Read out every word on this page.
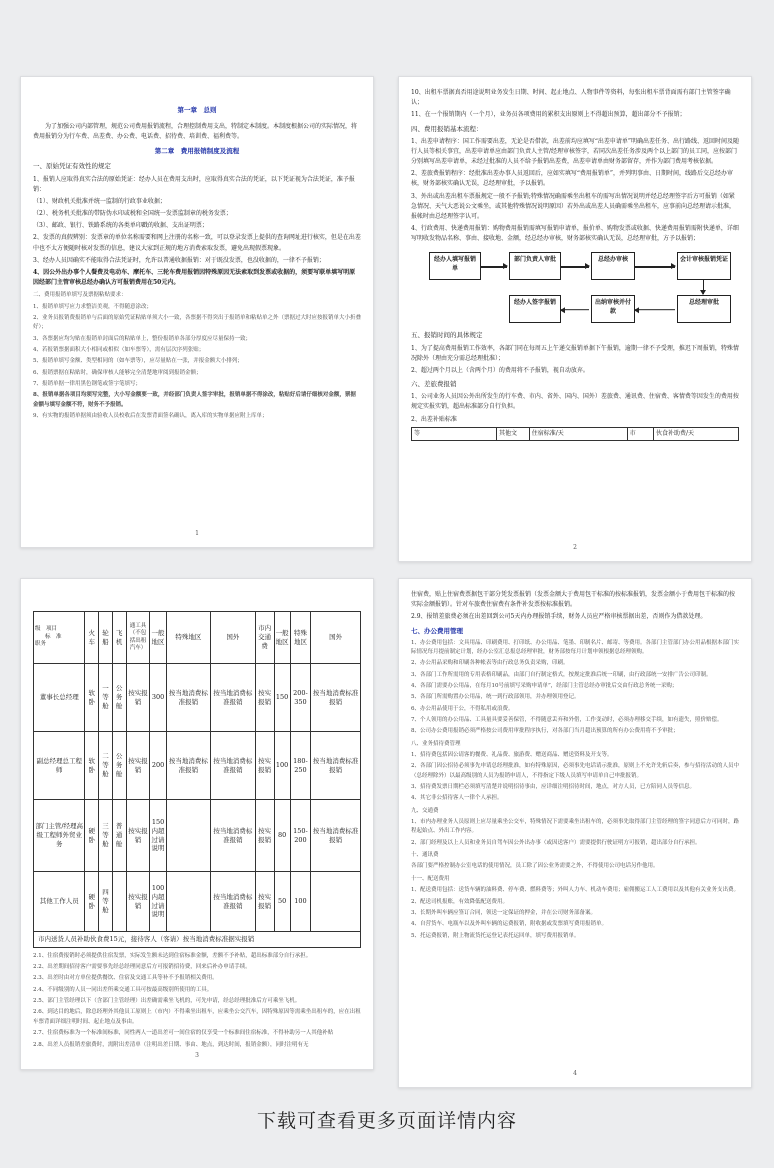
第一章　总则

为了加强公司内部管理，规范公司费用报销流程，合理控制费用支出，特制定本制度。本制度根据公司的实际情况，将费用报销分为行车费、出差费、办公费、电话费、招待费、培训费、福利费等。

第二章　费用报销制度及流程
一、原始凭证有效性的规定

1、报销人应取得真实合法的原始凭证：经办人员在费用支出时，应取得真实合法的凭证，以下凭证视为合法凭证，准予报销：

（1）、财政机关批准并统一监制的行政事业收据；

（2）、税务机关批准的带防伪水印或税和全国统一发票监制章的税务发票；

（3）、邮政、银行、铁路系统的各类单印戳的收据、支出证明票；

2、发票的真假辨别：发票章的单位名称需要和网上注册的名称一致，可以登录发票上提供的查询网址进行核实，但是在出差中也不太方便随时核对发票的信息，建议大家到正规的地方消费索取发票，避免出现假票现象。

3、经办人员因确实不能取得合法凭证时，允许以普通收据报销：对于既没发票，也没收据的，一律不予报销；

4、因公外出办事个人餐费及电动车、摩托车、三轮车费用报销因特殊原因无法索取到发票或收据的，须要写联单填写明原因经部门主管审核总经办确认方可报销费用在50元内。

二、费用报销单填写及票据粘贴要求：

1、报销单填写应力求整洁美观，不得随意涂改；

2、业务员报销费报销单与后面的原始凭证粘贴单须大小一致，各票据不得突出于报销单和粘贴单之外（票据过大时应按报销单大小折叠好）；

3、各票据应均匀贴在报销单封面后的粘贴单上，整份报销单各部分厚度应尽量保持一致；

4、若报销票据面积大小相同或相似（如车票等），需有层次序列张贴；

5、报销单填写金额、类型相同的（如车票等），应尽量贴在一张，并报金额大小排列；

6、报销票据在粘贴时，确保审核人能够完全清楚地审阅到报销金额；

7、报销单据一律用黑色钢笔或签字笔填写；

8、报销单据各项目均须写完整，大小写金额要一致，并经部门负责人签字审批，报销单据不得涂改，粘贴好后请仔细核对金额，票据金额与填写金额不符，财务不予报销。

9、有实物的报销单据须由验收人员校收后在发票背面签名确认，离入库的实物单据应附上库单；

1

10、出租车票据真否用途说明业务发生日期、时间、起止地点、人物事件等资料，每张出租车票背面需有部门主管签字确认；

11、在一个报销期内（一个月），业务员各项费用的累积支出原则上不得超出预算，超出部分不予报销；

四、费用报销基本流程：

1、出差申请程序：国工作需要出差，无论是否借款，出差前均应填写“出差申请单”明确出差任务、出行路线、返回时间及随行人员等相关事宜，出差申请单应由部门负责人主管/经理审核签字，若同次出差任务涉及两个以上部门的员工同，应按部门分别填写出差申请单，未经过批准的人员不给予报销出差费，出差申请单由财务部留存，并作为部门费用考核依据。

2、差旅费报销程序：经批准出差办事人员返回后，应如实填写“费用报销单”，并列明事由、日期时间，线路后交总经办审核，财务部核实确认无误，总经理审批，予以报销。

3、外出或出差出租车票报规定一般不予报销;特殊情况确需乘坐出租车的需写出情况说明并经总经理签字后方可报销（如紧急情况、天气大恶说公文乘坐，或其他特殊情况说明原因）若外出或出差人员确需乘坐出租车，应事前向总经理请示批准，报帐时由总经理签字认可。

4、行政费用、快递费用报销：购物费用报销需填写报销申请单，报价单、购物发票或收据、快递费用报销需附快递单，详细写明收发物品名称、事由、接收地、金额，经总经办审核，财务部核实确认无误，总经理审批，方予以报销；

经办人填写报销单
部门负责人审批	总经办审核	会计审核报销凭证
总经理审批
出纳审核并付款
经办人签字报销
五、报销时间的具体规定

1、为了提高费用报销工作效率，各部门同在每周五上午递交报销单据下午报销，逾期一律不予受理，推迟下周报销，特殊情况除外（理由充分需总经理批准）；

2、超过两个月以上（含两个月）的费用将不予报销，视自动放弃。

六、差旅费报销

1、公司业务人员因公外出所发生的行车费、市内、省外、国内、国外）差旅费、通讯费、住宿费、客情费等因发生的费用按规定实报实销，超出标准部分自行负担。

2、出差补贴标准

等	其他文	住宿标准/天	市	伙食补助费/天
2
级　项目
标　准
职务	火车	轮船	飞机	通工具（不包括出租汽车）	一般地区	特殊地区	国外	市内交通费	一般地区	特殊地区	国外
董事长总经理	软卧	一等舱	公务舱	按实报销	300	按当地消费标准报销	按当地消费标准报销	按实报销	150	200-350	按当地消费标准报销
副总经理总工程师	软卧	二等舱	公务舱	按实报销	200	按当地消费标准报销	按当地消费标准报销	按实报销	100	180-250	按当地消费标准报销
部门主管/经理高级工程师外贸业务	硬卧	三等舱	普通舱	按实报销	150内超过请说明		按当地消费标准报销	按实报销	80	150-200	按当地消费标准报销
其他工作人员	硬卧	四等舱		按实报销	100内超过请说明		按当地消费标准报销	按实报销	50	100	
市内送货人员补助伙食费15元，接待客人（客请）按当地消费标准据实报销											

2.1、住宿费报销时必须提供住宿发票，实际发生额未达到住宿标准金额，差额不予补贴，超出标准部分自行承担。

2.2、出差期间招待客户需要事先经总经理同意后方可报销招待费，回来后补办申请手续。

2.3、出差时由对方单位提供餐饮、住宿及交通工具等补不予报销相关费用。

2.4、不同级别的人员一同出差所乘交通工具可按最高级别所使用的工具。

2.5、部门主管经理以下（含部门主管经理）出差确需乘坐飞机的，可先申请，经总经理批准后方可乘坐飞机。

2.6、到达目的地后，除总经理外其他员工原则上（市内）不得乘坐出租车，应乘坐公交汽车，因特殊原因等需乘坐出租车的，应在出租车票背面详细注明时间、起止地点及事由。

2.7、住宿费标准为一个标准间标准，同性两人一道出差可一间住宿的仅享受一个标准间住宿标准，不得补助另一人其他补贴

2.8、出差人员报销差旅费时，需附出差清单（注明出差日期、事由、地点，到达时间，报销金额），同时注明有无

3

住宿费，贴上住宿费票据包干部分凭发票报销（发票金额大于费用包干标准的按标准报销，发票金额小于费用包干标准的按实际金额报销）。针对车旅费住宿费有条件补发票按标准报销。

2.9、报销差旅费必须在出差回到公司5天内办理报销手续，财务人员应严格审核票据出差，否则作为借款处理。

七、办公费用管理

1、办公费用包括：文具用品、印刷费用、打印纸、办公用品、笔墨、印制名片、邮寄、等费用。各部门主管部门办公用品根据本部门实际情况每月提前制定计划，经办公室汇总报总经理审批，财务部按每月计划申领根据总经理领购。

2、办公用品采购和印刷各种帐表等由行政总务负责采购，印刷。

3、各部门工作所需用的专用表格印刷品，由部门自行制定格式，按规定批准后统一印刷，由行政部统一安排广告公司印制。

4、各部门需要办公用品，在每月10号前填写采购申请单”，经部门主管总经办审批后交由行政总务统一采购；

5、各部门所需购置办公用品，统一到行政部领用，并办理领用登记。

6、办公用品使用于公，不得私用或浪费。

7、个人领用的办公用品、工具量具要妥善保管，不得随意丢弃和外借，工作变动时，必须办理移交手续，如有遗失，照价赔偿。

8、公司办公费用报销必须严格按公司费用审批程序执行，对各部门当月超出预算的所有办公费用将不予审批；

八、业务招待费管理

1、招待费包括因公请客的餐费、礼品费、旅游费、赠送商品、赠送资料及开支等。

2、各部门因公招待必须事先申请总经理批准，如有特殊原因，必须事先电话请示批准，原则上不允许先斩后奏，参与招待活动的人员中（总经理除外）以最高级别的人员为报销申请人，不得指定下级人员填写申请单自己申批报销。

3、招待费发票日期栏必须填写清楚并说明招待事由，应详细注明招待时间，地点，对方人员，已方陪同人员等信息。

4、其它非公招待客人一律个人承担。

九、交通费

1、市内办理业务人员原则上应尽量乘坐公交车，特殊情况下需要乘坐出租车的，必须事先取得部门主管经理的签字同意后方可同时，路程起始点、外出工作内容。

2、部门经理及以上人员和业务员自驾车因公外出办事（或因送客户）需要提供行驶证明方可报销，超出部分自行承担。

十、通讯费

各部门要严格控制办公室电话的使用情况，员工除了因公业务需要之外，不得使用公司电话另作他用。

十一、配送费用

1、配送费用包括：送货车辆的油料费、停车费、燃料费等；外叫人力车、机动车费用；雇佣搬运工人工费用以及其他有关业务支出费。

2、配送司机报账，有效降低配送费用。

3、长期外叫车辆应签订合同，领送一定保证的押金，并在公司财务部备案。

4、自营货车、电瓶车以及外叫车辆的运费报销，附收据或发票填写费用报销单。

5、托运费报销，附上物流货托运登记表托运回单，填写费用报销单。

4
下载可查看更多页面详情内容
